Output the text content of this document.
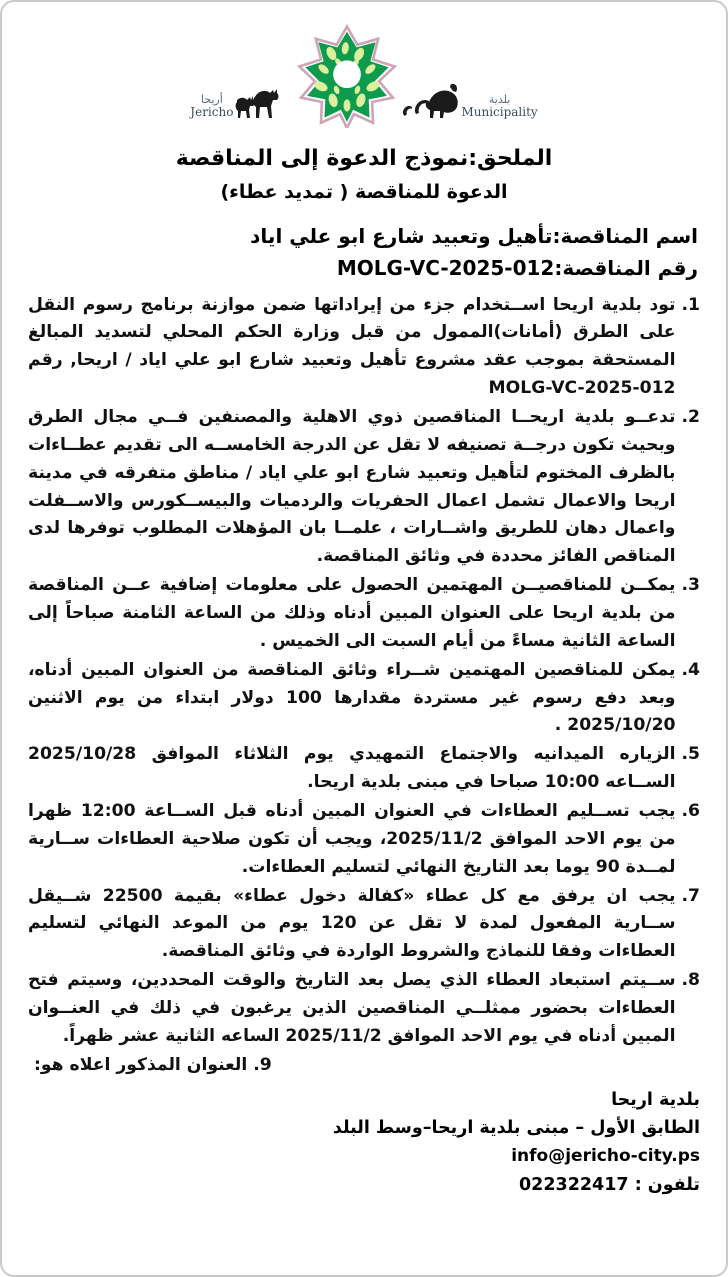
بلدية
Municipality
أريحا
Jericho
الملحق:نموذج الدعوة إلى المناقصة
الدعوة للمناقصة ( تمديد عطاء)
اسم المناقصة:تأهيل وتعبيد شارع ابو علي اياد
رقم المناقصة:MOLG-VC-2025-012
1.
تود بلدية اريحا اســتخدام جزء من إيراداتها ضمن موازنة برنامج رسوم النقل على الطرق (أمانات)الممول من قبل وزارة الحكم المحلي لتسديد المبالغ المستحقة بموجب عقد مشروع تأهيل وتعبيد شارع ابو علي اياد / اريحا, رقم MOLG-VC-2025-012
2.
تدعــو بلدية اريحــا المناقصين ذوي الاهلية والمصنفين فــي مجال الطرق وبحيث تكون درجــة تصنيفه لا تقل عن الدرجة الخامســه الى تقديم عطــاءات بالظرف المختوم لتأهيل وتعبيد شارع ابو علي اياد / مناطق متفرقه في مدينة اريحا والاعمال تشمل اعمال الحفريات والردميات والبيســكورس والاســفلت واعمال دهان للطريق واشــارات ، علمــا بان المؤهلات المطلوب توفرها لدى المناقص الفائز محددة في وثائق المناقصة.
3.
يمكــن للمناقصيــن المهتمين الحصول على معلومات إضافية عــن المناقصة من بلدية اريحا على العنوان المبين أدناه وذلك من الساعة الثامنة صباحاً إلى الساعة الثانية مساءً من أيام السبت الى الخميس .
4.
يمكن للمناقصين المهتمين شــراء وثائق المناقصة من العنوان المبين أدناه، وبعد دفع رسوم غير مستردة مقدارها 100 دولار ابتداء من يوم الاثنين 2025/10/20 .
5.
الزياره الميدانيه والاجتماع التمهيدي يوم الثلاثاء الموافق 2025/10/28 الســاعه 10:00 صباحا في مبنى بلدية اريحا.
6.
يجب تســليم العطاءات في العنوان المبين أدناه قبل الســاعة 12:00 ظهرا من يوم الاحد الموافق 2025/11/2، ويجب أن تكون صلاحية العطاءات ســارية لمــدة 90 يوما بعد التاريخ النهائي لتسليم العطاءات.
7.
يجب ان يرفق مع كل عطاء «كفالة دخول عطاء» بقيمة 22500 شــيقل ســارية المفعول لمدة لا تقل عن 120 يوم من الموعد النهائي لتسليم العطاءات وفقا للنماذج والشروط الواردة في وثائق المناقصة.
8.
ســيتم استبعاد العطاء الذي يصل بعد التاريخ والوقت المحددين، وسيتم فتح العطاءات بحضور ممثلــي المناقصين الذين يرغبون في ذلك في العنــوان المبين أدناه في يوم الاحد الموافق 2025/11/2 الساعه الثانية عشر ظهراً.
9.
العنوان المذكور اعلاه هو:
بلدية اريحا
الطابق الأول – مبنى بلدية اريحا–وسط البلد
info@jericho-city.ps
تلفون : 022322417
